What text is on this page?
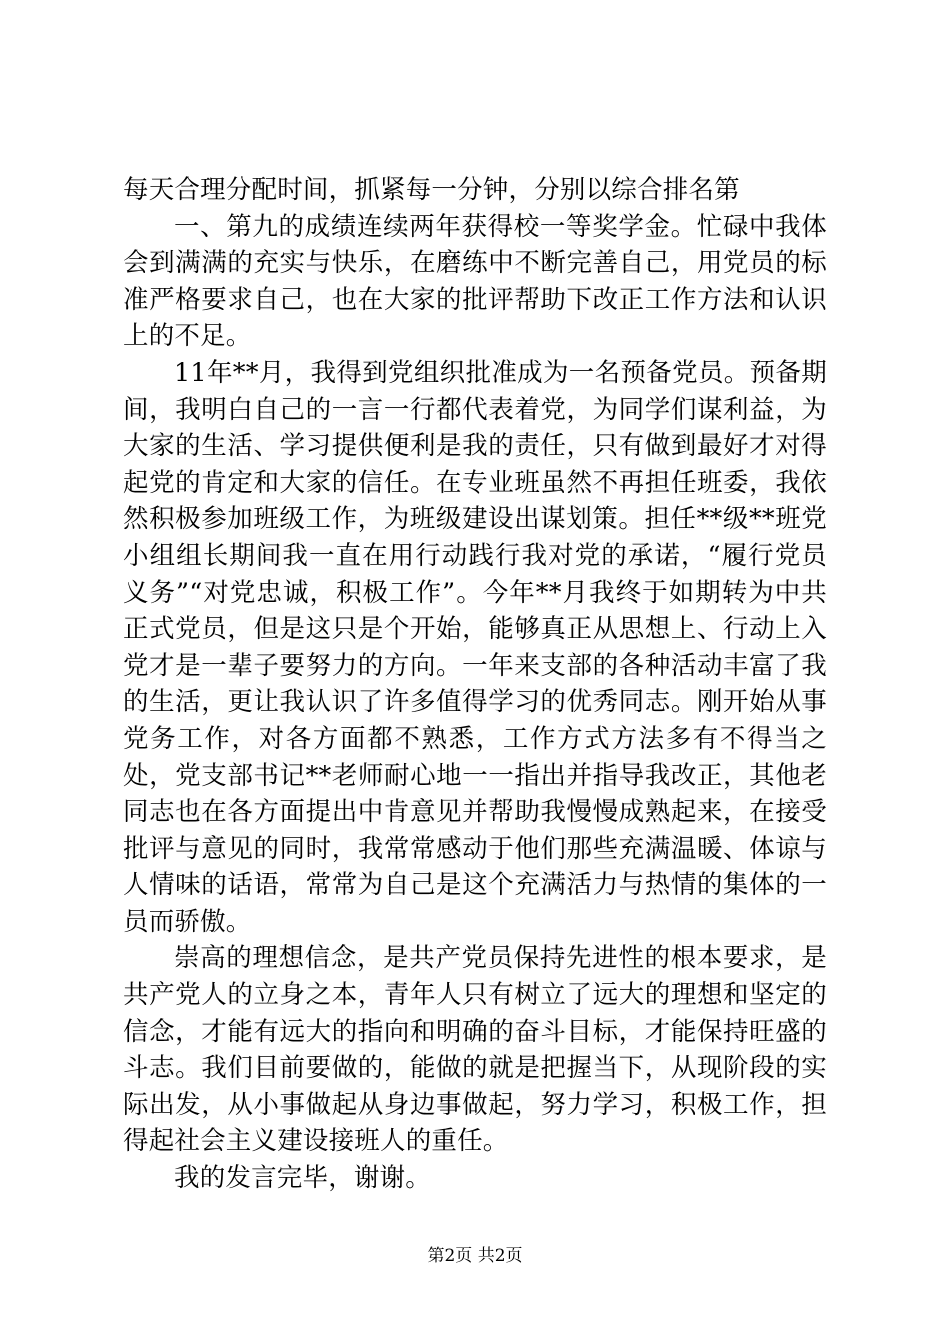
每天合理分配时间，抓紧每一分钟，分别以综合排名第

一、第九的成绩连续两年获得校一等奖学金。忙碌中我体会到满满的充实与快乐，在磨练中不断完善自己，用党员的标准严格要求自己，也在大家的批评帮助下改正工作方法和认识上的不足。

11年**月，我得到党组织批准成为一名预备党员。预备期间，我明白自己的一言一行都代表着党，为同学们谋利益，为大家的生活、学习提供便利是我的责任，只有做到最好才对得起党的肯定和大家的信任。在专业班虽然不再担任班委，我依然积极参加班级工作，为班级建设出谋划策。担任**级**班党小组组长期间我一直在用行动践行我对党的承诺，“履行党员义务”“对党忠诚，积极工作”。今年**月我终于如期转为中共正式党员，但是这只是个开始，能够真正从思想上、行动上入党才是一辈子要努力的方向。一年来支部的各种活动丰富了我的生活，更让我认识了许多值得学习的优秀同志。刚开始从事党务工作，对各方面都不熟悉，工作方式方法多有不得当之处，党支部书记**老师耐心地一一指出并指导我改正，其他老同志也在各方面提出中肯意见并帮助我慢慢成熟起来，在接受批评与意见的同时，我常常感动于他们那些充满温暖、体谅与人情味的话语，常常为自己是这个充满活力与热情的集体的一员而骄傲。

崇高的理想信念，是共产党员保持先进性的根本要求，是共产党人的立身之本，青年人只有树立了远大的理想和坚定的信念，才能有远大的指向和明确的奋斗目标，才能保持旺盛的斗志。我们目前要做的，能做的就是把握当下，从现阶段的实际出发，从小事做起从身边事做起，努力学习，积极工作，担得起社会主义建设接班人的重任。

我的发言完毕，谢谢。

第2页 共2页
